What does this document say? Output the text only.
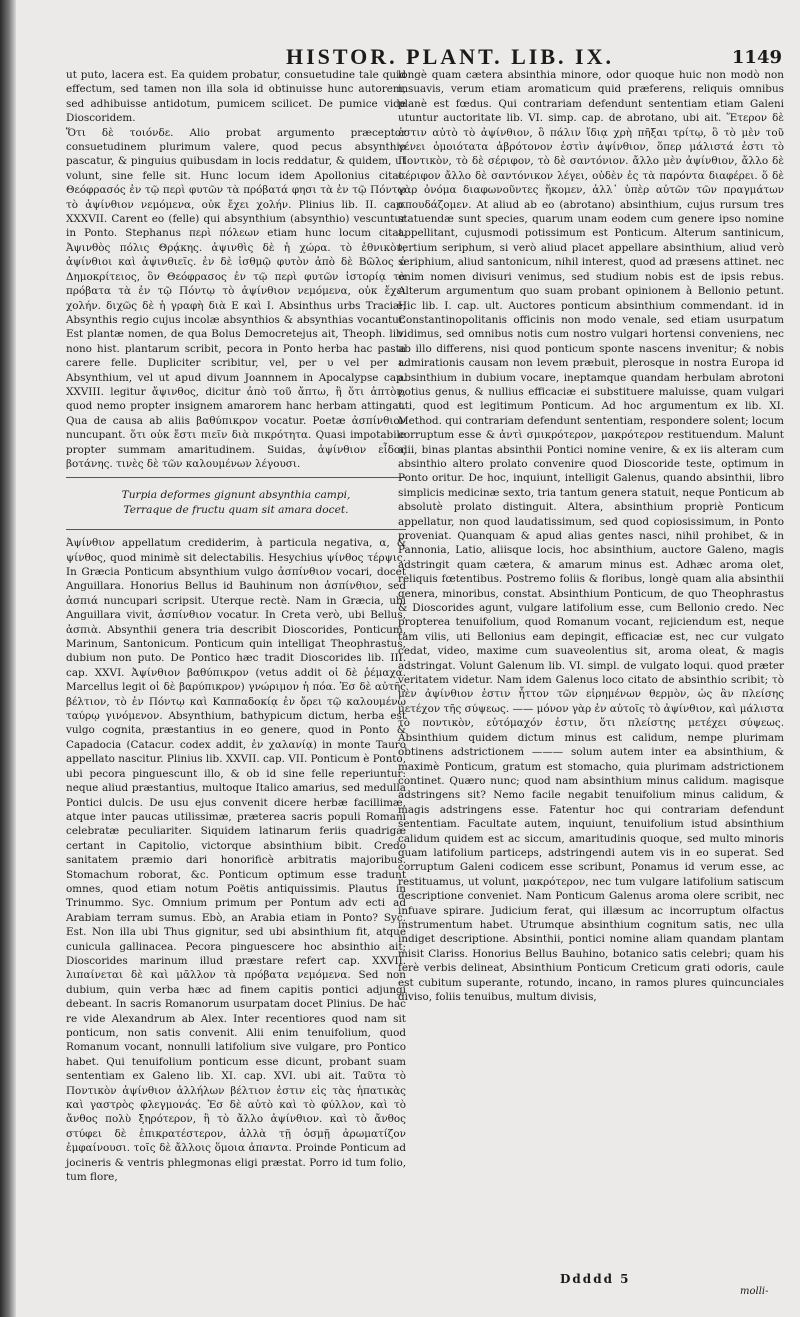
HISTOR. PLANT. LIB. IX.	1149

ut puto, lacera est. Ea quidem probatur, consuetudine tale quid effectum, sed tamen non illa sola id obtinuisse hunc autorem, sed adhibuisse antidotum, pumicem scilicet. De pumice vide Dioscoridem.

Ὅτι δὲ τοιόνδε. Alio probat argumento præceptor consuetudinem plurimum valere, quod pecus absynthio pascatur, & pinguius quibusdam in locis reddatur, & quidem, ut volunt, sine felle sit. Hunc locum idem Apollonius citat. Θεόφρασός ἐν τῷ περὶ φυτῶν τὰ πρόβατά φησι τὰ ἐν τῷ Πόντῳ τὸ ἀψίνθιον νεμόμενα, οὐκ ἔχει χολήν. Plinius lib. II. cap. XXXVII. Carent eo (felle) qui absynthium (absynthio) vescuntur in Ponto. Stephanus περὶ πόλεων etiam hunc locum citat. Ἀψινθὸς πόλις Θρᾴκης. ἀψινθὶς δὲ ἡ χώρα. τὸ ἐθνικὸν, ἀψίνθιοι καὶ ἀψινθιεῖς. ἐν δὲ ἰσθμῷ φυτὸν ἀπὸ δὲ Βῶλος ὁ Δημοκρίτειος, ὃν Θεόφρασος ἐν τῷ περὶ φυτῶν ἱστορίᾳ τὰ πρόβατα τὰ ἐν τῷ Πόντῳ τὸ ἀψίνθιον νεμόμενα, οὐκ ἔχει χολήν. διχῶς δὲ ἡ γραφὴ διὰ Ε καὶ Ι. Absinthus urbs Traciæ, Absynthis regio cujus incolæ absynthios & absynthias vocantur. Est plantæ nomen, de qua Bolus Democretejus ait, Theoph. lib. nono hist. plantarum scribit, pecora in Ponto herba hac pasta carere felle. Dupliciter scribitur, vel, per υ vel per ι. Absynthium, vel ut apud divum Joannnem in Apocalypse cap. XXVIII. legitur ἄψινθος, dicitur ἀπὸ τοῦ ἄπτω, ἢ ὅτι ἀπτὸν, quod nemo propter insignem amarorem hanc herbam attingat. Qua de causa ab aliis βαθύπικρον vocatur. Poetæ ἀσπίνθιον nuncupant. ὅτι οὐκ ἔστι πιεῖν διὰ πικρότητα. Quasi impotabile propter summam amaritudinem. Suidas, ἀψίνθιον εἶδος βοτάνης. τινὲς δὲ τῶν καλουμένων λέγουσι.

Turpia deformes gignunt absynthia campi,
Terraque de fructu quam sit amara docet.

Ἀψίνθιον appellatum crediderim, à particula negativa, α, & ψίνθος, quod minimè sit delectabilis. Hesychius ψίνθος τέρψις. In Græcia Ponticum absynthium vulgo ἀσπίνθιον vocari, docet Anguillara. Honorius Bellus id Bauhinum non ἀσπίνθιον, sed ἀσπιά nuncupari scripsit. Uterque rectè. Nam in Græcia, ubi Anguillara vivit, ἀσπίνθιον vocatur. In Creta verò, ubi Bellus, ἀσπιὰ. Absynthii genera tria describit Dioscorides, Ponticum, Marinum, Santonicum. Ponticum quin intelligat Theophrastus, dubium non puto. De Pontico hæc tradit Dioscorides lib. III. cap. XXVI. Ἀψίνθιον βαθύπικρον (vetus addit οἱ δὲ ῥέμαχα. Marcellus legit οἱ δὲ βαρύπικρον) γνώριμον ἡ πόα. Ἐσ δὲ αὐτῆς βέλτιον, τὸ ἐν Πόντῳ καὶ Καππαδοκίᾳ ἐν ὄρει τῷ καλουμένῳ ταύρῳ γινόμενον. Absynthium, bathypicum dictum, herba est vulgo cognita, præstantius in eo genere, quod in Ponto & Capadocia (Catacur. codex addit, ἐν χαλανίᾳ) in monte Tauro appellato nascitur. Plinius lib. XXVII. cap. VII. Ponticum è Ponto, ubi pecora pinguescunt illo, & ob id sine felle reperiuntur: neque aliud præstantius, multoque Italico amarius, sed medulla Pontici dulcis. De usu ejus convenit dicere herbæ facillimæ, atque inter paucas utilissimæ, præterea sacris populi Romani celebratæ peculiariter. Siquidem latinarum feriis quadrigæ certant in Capitolio, victorque absinthium bibit. Credo sanitatem præmio dari honorificè arbitratis majoribus. Stomachum roborat, &c. Ponticum optimum esse tradunt omnes, quod etiam notum Poëtis antiquissimis. Plautus in Trinummo. Syc. Omnium primum per Pontum adv ecti ad Arabiam terram sumus. Ebò, an Arabia etiam in Ponto? Syc. Est. Non illa ubi Thus gignitur, sed ubi absinthium fit, atque cunicula gallinacea. Pecora pinguescere hoc absinthio ait; Dioscorides marinum illud præstare refert cap. XXVII. λιπαίνεται δὲ καὶ μᾶλλον τὰ πρόβατα νεμόμενα. Sed non dubium, quin verba hæc ad finem capitis pontici adjungi debeant. In sacris Romanorum usurpatam docet Plinius. De hac re vide Alexandrum ab Alex. Inter recentiores quod nam sit ponticum, non satis convenit. Alii enim tenuifolium, quod Romanum vocant, nonnulli latifolium sive vulgare, pro Pontico habet. Qui tenuifolium ponticum esse dicunt, probant suam sententiam ex Galeno lib. XI. cap. XVI. ubi ait. Ταῦτα τὸ Ποντικὸν ἀψίνθιον ἀλλήλων βέλτιον ἐστιν εἰς τὰς ἡπατικὰς καὶ γαστρὸς φλεγμονάς. Ἐσ δὲ αὐτὸ καὶ τὸ φύλλον, καὶ τὸ ἄνθος πολὺ ξηρότερον, ἢ τὸ ἄλλο ἀψίνθιον. καὶ τὸ ἄνθος στύφει δὲ ἐπικρατέστερον, ἀλλὰ τῇ ὀσμῇ ἀρωματίζον ἐμφαίνουσι. τοῖς δὲ ἄλλοις ὅμοια ἀπαντα. Proinde Ponticum ad jocineris & ventris phlegmonas eligi præstat. Porro id tum folio, tum flore,

longè quam cætera absinthia minore, odor quoque huic non modò non insuavis, verum etiam aromaticum quid præferens, reliquis omnibus planè est fœdus. Qui contrariam defendunt sententiam etiam Galeni utuntur auctoritate lib. VI. simp. cap. de abrotano, ubi ait. Ἕτερον δὲ ἐστιν αὐτὸ τὸ ἀψίνθιον, ὃ πάλιν ἴδιᾳ χρὴ πῆξαι τρίτῳ, ὃ τὸ μὲν τοῦ γένει ὁμοιότατα ἀβρότονον ἐστὶν ἀψίνθιον, ὅπερ μάλιστά ἐστι τὸ Ποντικὸν, τὸ δὲ σέριφον, τὸ δὲ σαντόνιον. ἄλλο μὲν ἀψίνθιον, ἄλλο δὲ σέριφον ἄλλο δὲ σαντόνικον λέγει, οὐδὲν ἐς τὰ παρόντα διαφέρει. ὅ δὲ γὰρ ὀνόμα διαφωνοῦντες ἥκομεν, ἀλλ᾽ ὑπὲρ αὐτῶν τῶν πραγμάτων σπουδάζομεν. At aliud ab eo (abrotano) absinthium, cujus rursum tres statuendæ sunt species, quarum unam eodem cum genere ipso nomine appellitant, cujusmodi potissimum est Ponticum. Alterum santinicum, tertium seriphum, si verò aliud placet appellare absinthium, aliud verò seriphium, aliud santonicum, nihil interest, quod ad præsens attinet. nec enim nomen divisuri venimus, sed studium nobis est de ipsis rebus. Alterum argumentum quo suam probant opinionem à Bellonio petunt. Hic lib. I. cap. ult. Auctores ponticum absinthium commendant. id in Constantinopolitanis officinis non modo venale, sed etiam usurpatum vidimus, sed omnibus notis cum nostro vulgari hortensi conveniens, nec ab illo differens, nisi quod ponticum sponte nascens invenitur; & nobis admirationis causam non levem præbuit, plerosque in nostra Europa id absinthium in dubium vocare, ineptamque quandam herbulam abrotoni potius genus, & nullius efficaciæ ei substituere maluisse, quam vulgari uti, quod est legitimum Ponticum. Ad hoc argumentum ex lib. XI. Method. qui contrariam defendunt sententiam, respondere solent; locum corruptum esse & ἀντὶ σμικρότερον, μακρότερον restituendum. Malunt alii, binas plantas absinthii Pontici nomine venire, & ex iis alteram cum absinthio altero prolato convenire quod Dioscoride teste, optimum in Ponto oritur. De hoc, inquiunt, intelligit Galenus, quando absinthii, libro simplicis medicinæ sexto, tria tantum genera statuit, neque Ponticum ab absolutè prolato distinguit. Altera, absinthium propriè Ponticum appellatur, non quod laudatissimum, sed quod copiosissimum, in Ponto proveniat. Quanquam & apud alias gentes nasci, nihil prohibet, & in Pannonia, Latio, aliisque locis, hoc absinthium, auctore Galeno, magis adstringit quam cætera, & amarum minus est. Adhæc aroma olet, reliquis fœtentibus. Postremo foliis & floribus, longè quam alia absinthii genera, minoribus, constat. Absinthium Ponticum, de quo Theophrastus & Dioscorides agunt, vulgare latifolium esse, cum Bellonio credo. Nec propterea tenuifolium, quod Romanum vocant, rejiciendum est, neque tam vilis, uti Bellonius eam depingit, efficaciæ est, nec cur vulgato cedat, video, maxime cum suaveolentius sit, aroma oleat, & magis adstringat. Volunt Galenum lib. VI. simpl. de vulgato loqui. quod præter veritatem videtur. Nam idem Galenus loco citato de absinthio scribit; τὸ μὲν ἀψίνθιον ἐστιν ἧττον τῶν εἰρημένων θερμὸν, ὡς ἂν πλείσης μετέχον τῆς σύψεως. —— μόνον γὰρ ἐν αὐτοῖς τὸ ἀψίνθιον, καὶ μάλιστα τὸ ποντικὸν, εὐτόμαχόν ἐστιν, ὅτι πλείστης μετέχει σύψεως. Absinthium quidem dictum minus est calidum, nempe plurimam obtinens adstrictionem ——— solum autem inter ea absinthium, & maximè Ponticum, gratum est stomacho, quia plurimam adstrictionem continet. Quæro nunc; quod nam absinthium minus calidum. magisque adstringens sit? Nemo facile negabit tenuifolium minus calidum, & magis adstringens esse. Fatentur hoc qui contrariam defendunt sententiam. Facultate autem, inquiunt, tenuifolium istud absinthium calidum quidem est ac siccum, amaritudinis quoque, sed multo minoris quam latifolium particeps, adstringendi autem vis in eo superat. Sed corruptum Galeni codicem esse scribunt, Ponamus id verum esse, ac restituamus, ut volunt, μακρότερον, nec tum vulgare latifolium satiscum descriptione conveniet. Nam Ponticum Galenus aroma olere scribit, nec infuave spirare. Judicium ferat, qui illæsum ac incorruptum olfactus instrumentum habet. Utrumque absinthium cognitum satis, nec ulla indiget descriptione. Absinthii, pontici nomine aliam quandam plantam misit Clariss. Honorius Bellus Bauhino, botanico satis celebri; quam his ferè verbis delineat, Absinthium Ponticum Creticum grati odoris, caule est cubitum superante, rotundo, incano, in ramos plures quincunciales diviso, foliis tenuibus, multum divisis,

Ddddd 5
molli-
